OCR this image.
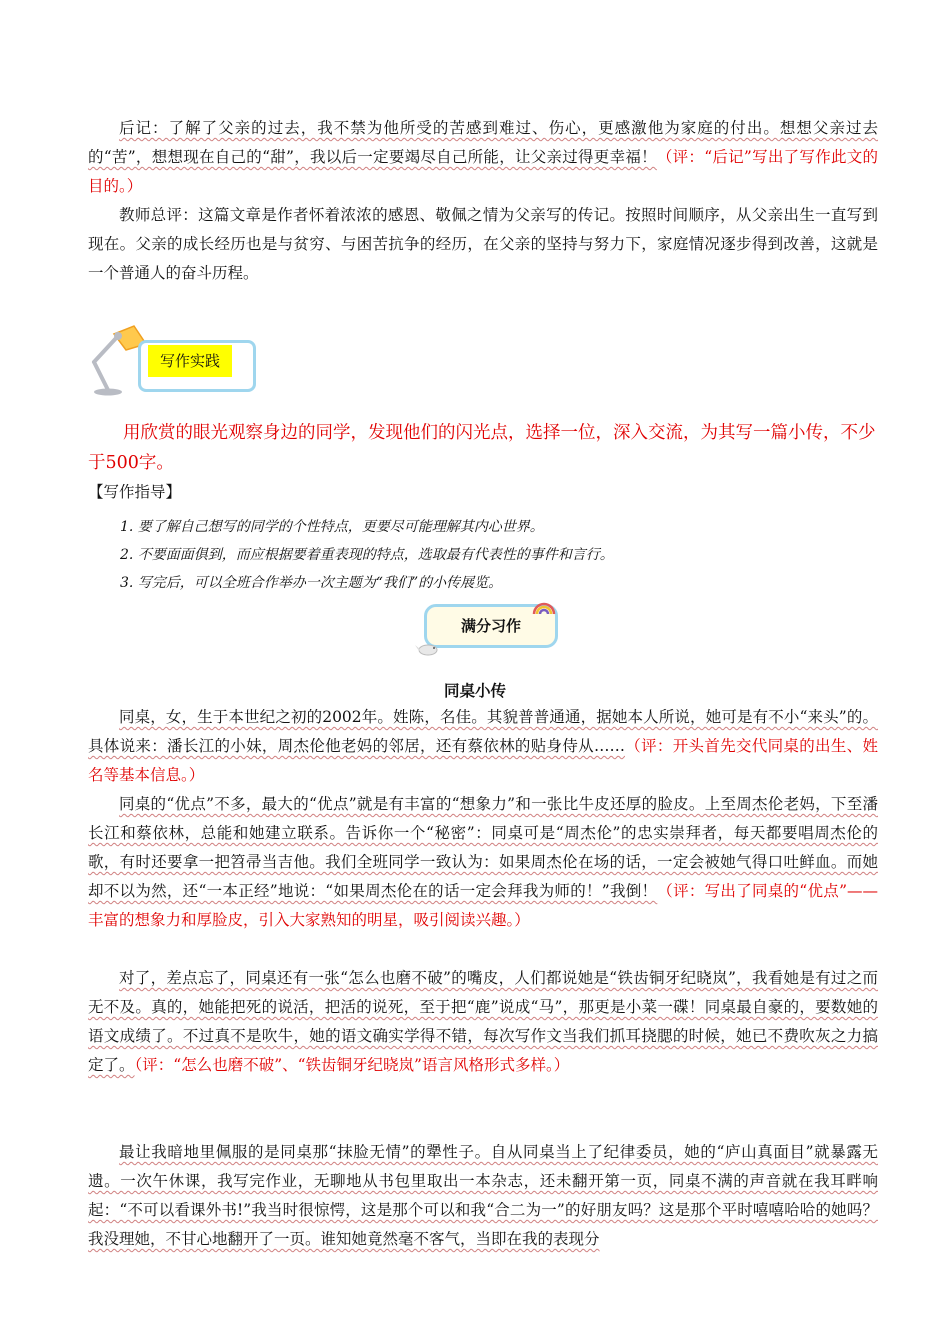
后记：了解了父亲的过去，我不禁为他所受的苦感到难过、伤心，更感激他为家庭的付出。想想父亲过去的“苦”，想想现在自己的“甜”，我以后一定要竭尽自己所能，让父亲过得更幸福！（评：“后记”写出了写作此文的目的。）

教师总评：这篇文章是作者怀着浓浓的感恩、敬佩之情为父亲写的传记。按照时间顺序，从父亲出生一直写到现在。父亲的成长经历也是与贫穷、与困苦抗争的经历，在父亲的坚持与努力下，家庭情况逐步得到改善，这就是一个普通人的奋斗历程。

写作实践

用欣赏的眼光观察身边的同学，发现他们的闪光点，选择一位，深入交流，为其写一篇小传，不少于500字。

【写作指导】

1. 要了解自己想写的同学的个性特点，更要尽可能理解其内心世界。

2. 不要面面俱到，而应根据要着重表现的特点，选取最有代表性的事件和言行。

3. 写完后，可以全班合作举办一次主题为“我们”的小传展览。

满分习作

同桌小传

同桌，女，生于本世纪之初的2002年。姓陈，名佳。其貌普普通通，据她本人所说，她可是有不小“来头”的。具体说来：潘长江的小妹，周杰伦他老妈的邻居，还有蔡依林的贴身侍从……（评：开头首先交代同桌的出生、姓名等基本信息。）

同桌的“优点”不多，最大的“优点”就是有丰富的“想象力”和一张比牛皮还厚的脸皮。上至周杰伦老妈，下至潘长江和蔡依林，总能和她建立联系。告诉你一个“秘密”：同桌可是“周杰伦”的忠实崇拜者，每天都要唱周杰伦的歌，有时还要拿一把笤帚当吉他。我们全班同学一致认为：如果周杰伦在场的话，一定会被她气得口吐鲜血。而她却不以为然，还“一本正经”地说：“如果周杰伦在的话一定会拜我为师的！”我倒！（评：写出了同桌的“优点”——丰富的想象力和厚脸皮，引入大家熟知的明星，吸引阅读兴趣。）

对了，差点忘了，同桌还有一张“怎么也磨不破”的嘴皮，人们都说她是“铁齿铜牙纪晓岚”，我看她是有过之而无不及。真的，她能把死的说活，把活的说死，至于把“鹿”说成“马”，那更是小菜一碟！同桌最自豪的，要数她的语文成绩了。不过真不是吹牛，她的语文确实学得不错，每次写作文当我们抓耳挠腮的时候，她已不费吹灰之力搞定了。（评：“怎么也磨不破”、“铁齿铜牙纪晓岚”语言风格形式多样。）

最让我暗地里佩服的是同桌那“抹脸无情”的犟性子。自从同桌当上了纪律委员，她的“庐山真面目”就暴露无遗。一次午休课，我写完作业，无聊地从书包里取出一本杂志，还未翻开第一页，同桌不满的声音就在我耳畔响起：“不可以看课外书!”我当时很惊愕，这是那个可以和我“合二为一”的好朋友吗？这是那个平时嘻嘻哈哈的她吗？我没理她，不甘心地翻开了一页。谁知她竟然毫不客气，当即在我的表现分
